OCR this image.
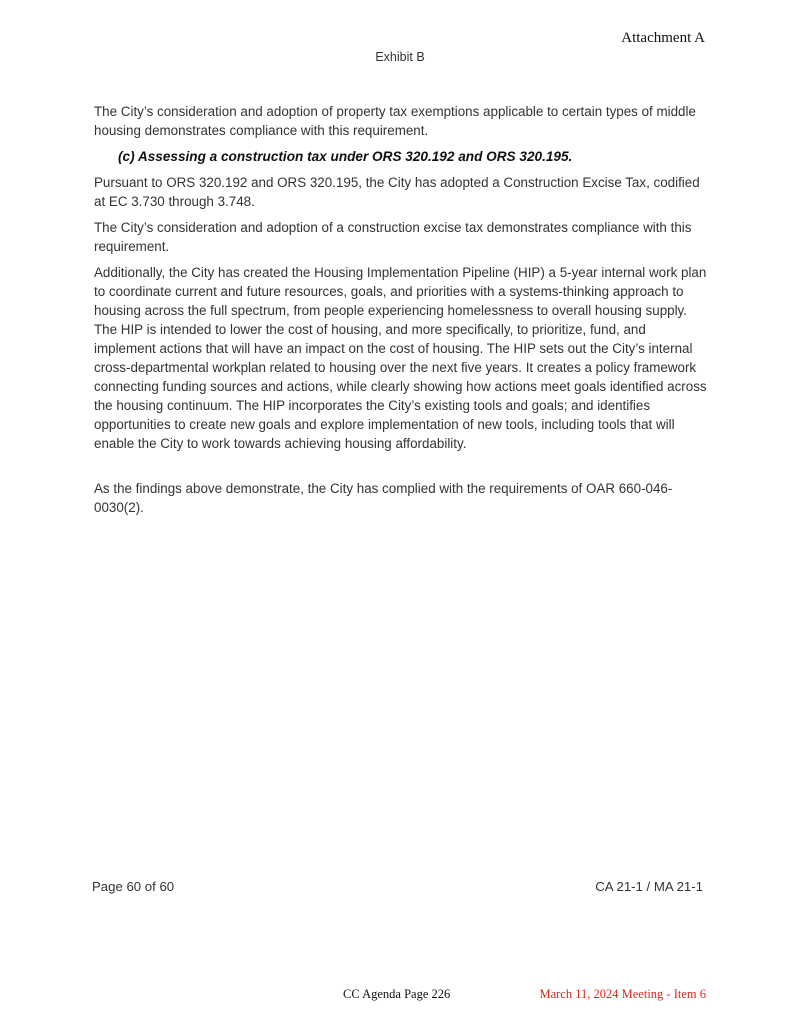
Attachment A
Exhibit B

The City’s consideration and adoption of property tax exemptions applicable to certain types of middle housing demonstrates compliance with this requirement.

(c) Assessing a construction tax under ORS 320.192 and ORS 320.195.

Pursuant to ORS 320.192 and ORS 320.195, the City has adopted a Construction Excise Tax, codified at EC 3.730 through 3.748.

The City’s consideration and adoption of a construction excise tax demonstrates compliance with this requirement.

Additionally, the City has created the Housing Implementation Pipeline (HIP) a 5-year internal work plan to coordinate current and future resources, goals, and priorities with a systems-thinking approach to housing across the full spectrum, from people experiencing homelessness to overall housing supply. The HIP is intended to lower the cost of housing, and more specifically, to prioritize, fund, and implement actions that will have an impact on the cost of housing. The HIP sets out the City’s internal cross-departmental workplan related to housing over the next five years. It creates a policy framework connecting funding sources and actions, while clearly showing how actions meet goals identified across the housing continuum. The HIP incorporates the City’s existing tools and goals; and identifies opportunities to create new goals and explore implementation of new tools, including tools that will enable the City to work towards achieving housing affordability.

As the findings above demonstrate, the City has complied with the requirements of OAR 660-046-0030(2).

Page 60 of 60	CA 21-1 / MA 21-1
CC Agenda Page 226	March 11, 2024 Meeting - Item 6
